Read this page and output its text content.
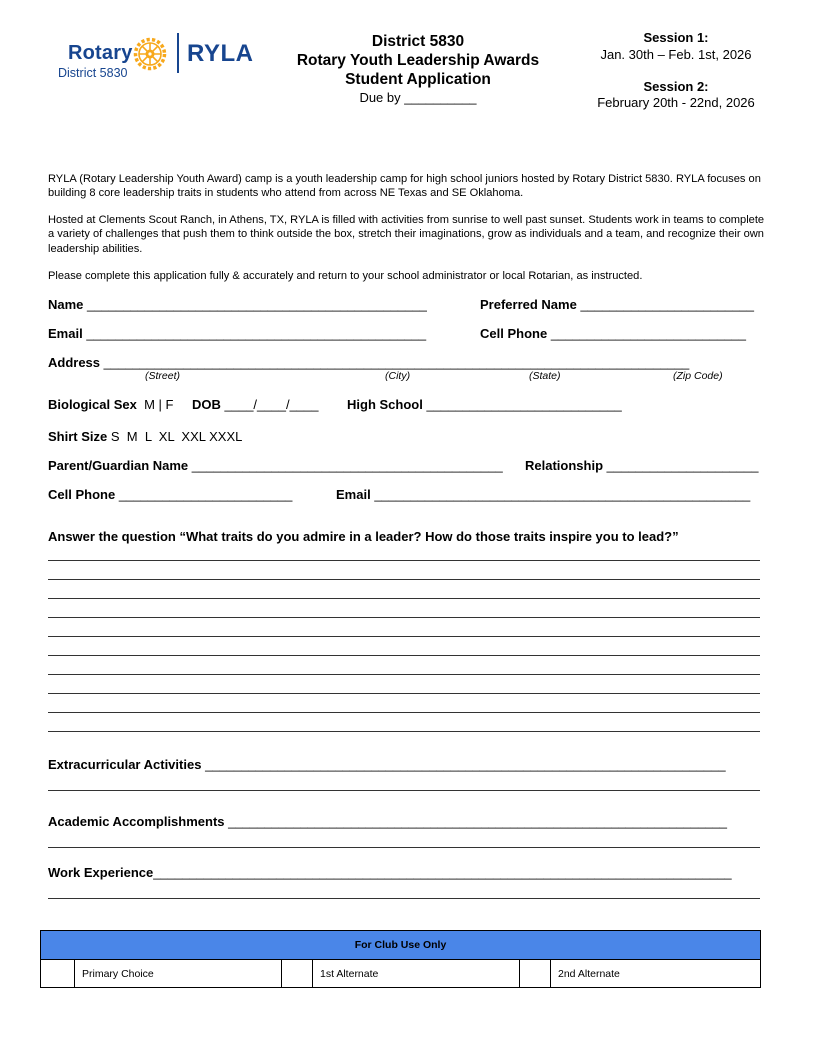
Rotary
District 5830
RYLA	District 5830
Rotary Youth Leadership Awards
Student Application
Due by __________
Session 1:
Jan. 30th – Feb. 1st, 2026
Session 2:
February 20th - 22nd, 2026
RYLA (Rotary Leadership Youth Award) camp is a youth leadership camp for high school juniors hosted by Rotary District 5830. RYLA focuses on building 8 core leadership traits in students who attend from across NE Texas and SE Oklahoma.
Hosted at Clements Scout Ranch, in Athens, TX, RYLA is filled with activities from sunrise to well past sunset. Students work in teams to complete a variety of challenges that push them to think outside the box, stretch their imaginations, grow as individuals and a team, and recognize their own leadership abilities.
Please complete this application fully & accurately and return to your school administrator or local Rotarian, as instructed.
Name _______________________________________________	Preferred Name ________________________
Email _______________________________________________	Cell Phone ___________________________
Address _________________________________________________________________________________
(Street)	(City)	(State)	(Zip Code)
Biological Sex M | F DOB ____/____/____ High School ___________________________
Shirt Size S  M  L  XL  XXL XXXL
Parent/Guardian Name ___________________________________________ Relationship _____________________
Cell Phone ________________________	Email ____________________________________________________
Answer the question “What traits do you admire in a leader? How do those traits inspire you to lead?”
Extracurricular Activities ________________________________________________________________________
Academic Accomplishments _____________________________________________________________________
Work Experience________________________________________________________________________________
For Club Use Only
	Primary Choice		1st Alternate		2nd Alternate
